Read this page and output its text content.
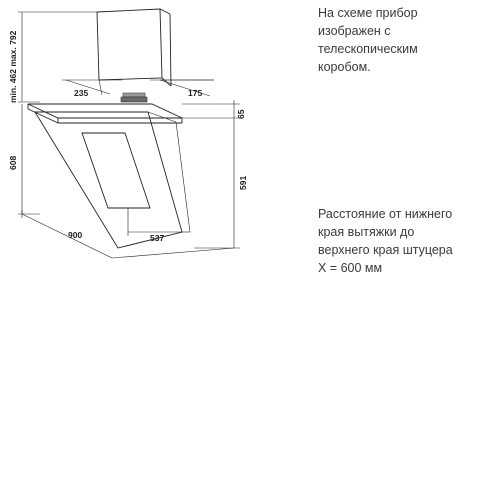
min. 462 max. 792	235	175
65
608
591
900	537
На схеме прибор
изображен с
телескопическим
коробом.
Расстояние от нижнего
края вытяжки до
верхнего края штуцера
X = 600 мм
